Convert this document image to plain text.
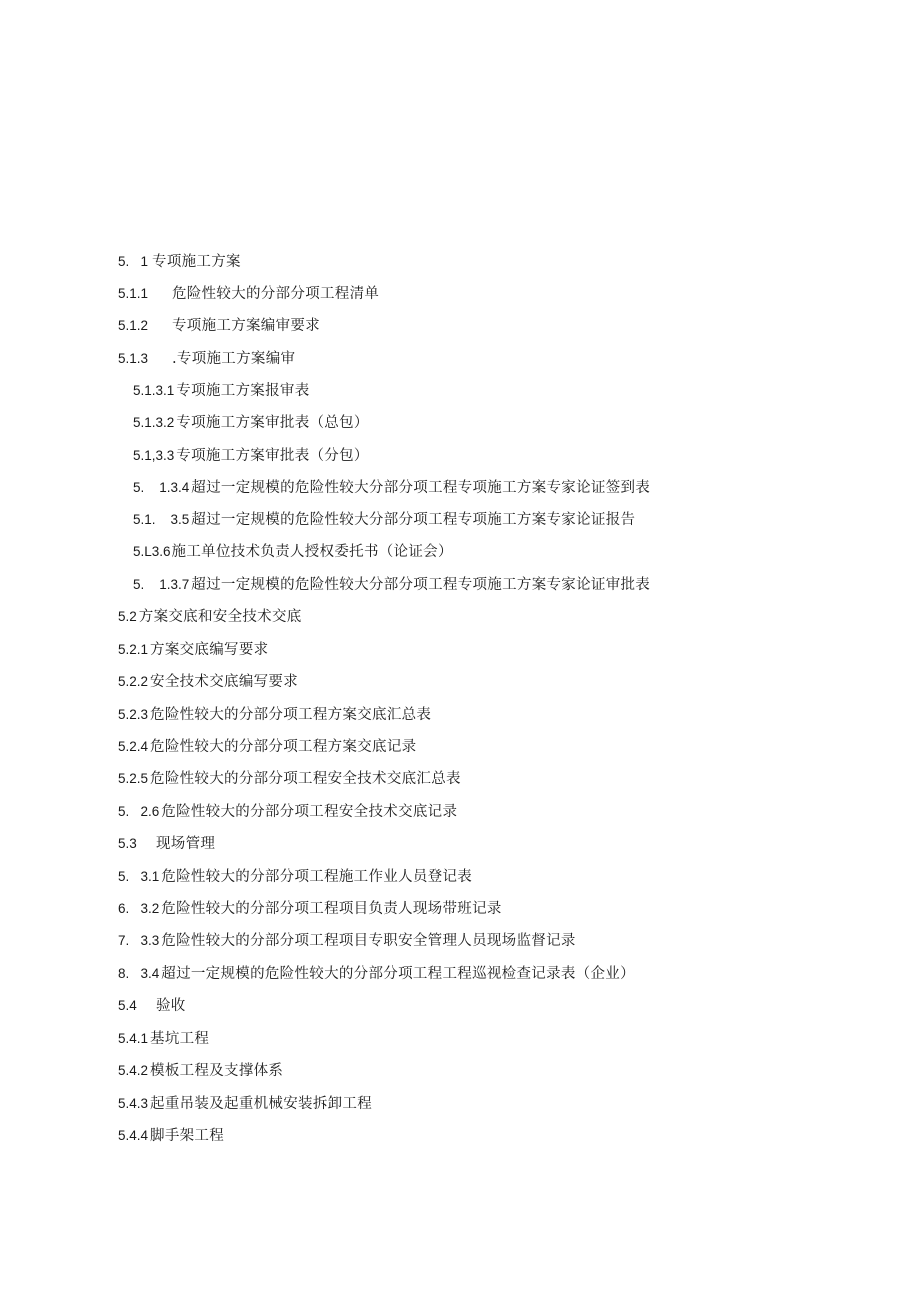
5.   1 专项施工方案
5.1.1 危险性较大的分部分项工程清单
5.1.2 专项施工方案编审要求
5.1.3 .专项施工方案编审
5.1.3.1 专项施工方案报审表
5.1.3.2 专项施工方案审批表（总包）
5.1,3.3 专项施工方案审批表（分包）
5.    1.3.4 超过一定规模的危险性较大分部分项工程专项施工方案专家论证签到表
5.1.    3.5 超过一定规模的危险性较大分部分项工程专项施工方案专家论证报告
5.L3.6施工单位技术负责人授权委托书（论证会）
5.    1.3.7 超过一定规模的危险性较大分部分项工程专项施工方案专家论证审批表
5.2 方案交底和安全技术交底
5.2.1 方案交底编写要求
5.2.2 安全技术交底编写要求
5.2.3 危险性较大的分部分项工程方案交底汇总表
5.2.4 危险性较大的分部分项工程方案交底记录
5.2.5 危险性较大的分部分项工程安全技术交底汇总表
5.   2.6 危险性较大的分部分项工程安全技术交底记录
5.3 现场管理
5.   3.1 危险性较大的分部分项工程施工作业人员登记表
6.   3.2 危险性较大的分部分项工程项目负责人现场带班记录
7.   3.3 危险性较大的分部分项工程项目专职安全管理人员现场监督记录
8.   3.4 超过一定规模的危险性较大的分部分项工程工程巡视检查记录表（企业）
5.4 验收
5.4.1 基坑工程
5.4.2 模板工程及支撑体系
5.4.3 起重吊装及起重机械安装拆卸工程
5.4.4 脚手架工程
